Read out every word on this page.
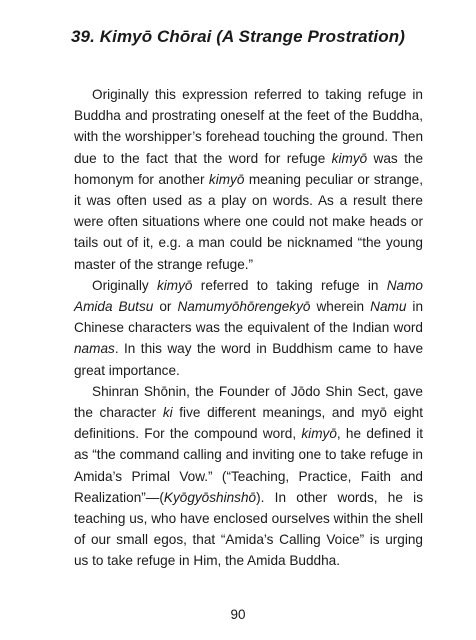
39. Kimyō Chōrai (A Strange Prostration)

Originally this expression referred to taking refuge in Buddha and prostrating oneself at the feet of the Buddha, with the worshipper’s forehead touching the ground. Then due to the fact that the word for refuge kimyō was the homonym for another kimyō meaning peculiar or strange, it was often used as a play on words. As a result there were often situations where one could not make heads or tails out of it, e.g. a man could be nicknamed “the young master of the strange refuge.”

Originally kimyō referred to taking refuge in Namo Amida Butsu or Namumyōhōrengekyō wherein Namu in Chinese characters was the equivalent of the Indian word namas. In this way the word in Buddhism came to have great importance.

Shinran Shōnin, the Founder of Jōdo Shin Sect, gave the character ki five different meanings, and myō eight definitions. For the compound word, kimyō, he defined it as “the command calling and inviting one to take refuge in Amida’s Primal Vow.” (“Teaching, Practice, Faith and Realization”—(Kyōgyōshinshō). In other words, he is teaching us, who have enclosed ourselves within the shell of our small egos, that “Amida’s Calling Voice” is urging us to take refuge in Him, the Amida Buddha.

90
